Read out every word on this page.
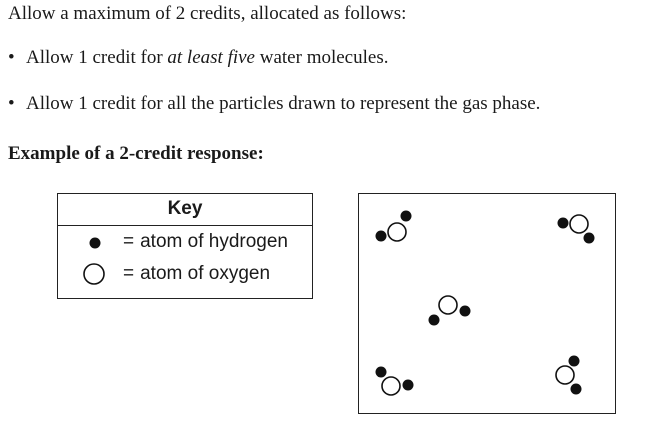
Allow a maximum of 2 credits, allocated as follows:
• Allow 1 credit for at least five water molecules.
• Allow 1 credit for all the particles drawn to represent the gas phase.
Example of a 2-credit response:
Key
= atom of hydrogen
= atom of oxygen
